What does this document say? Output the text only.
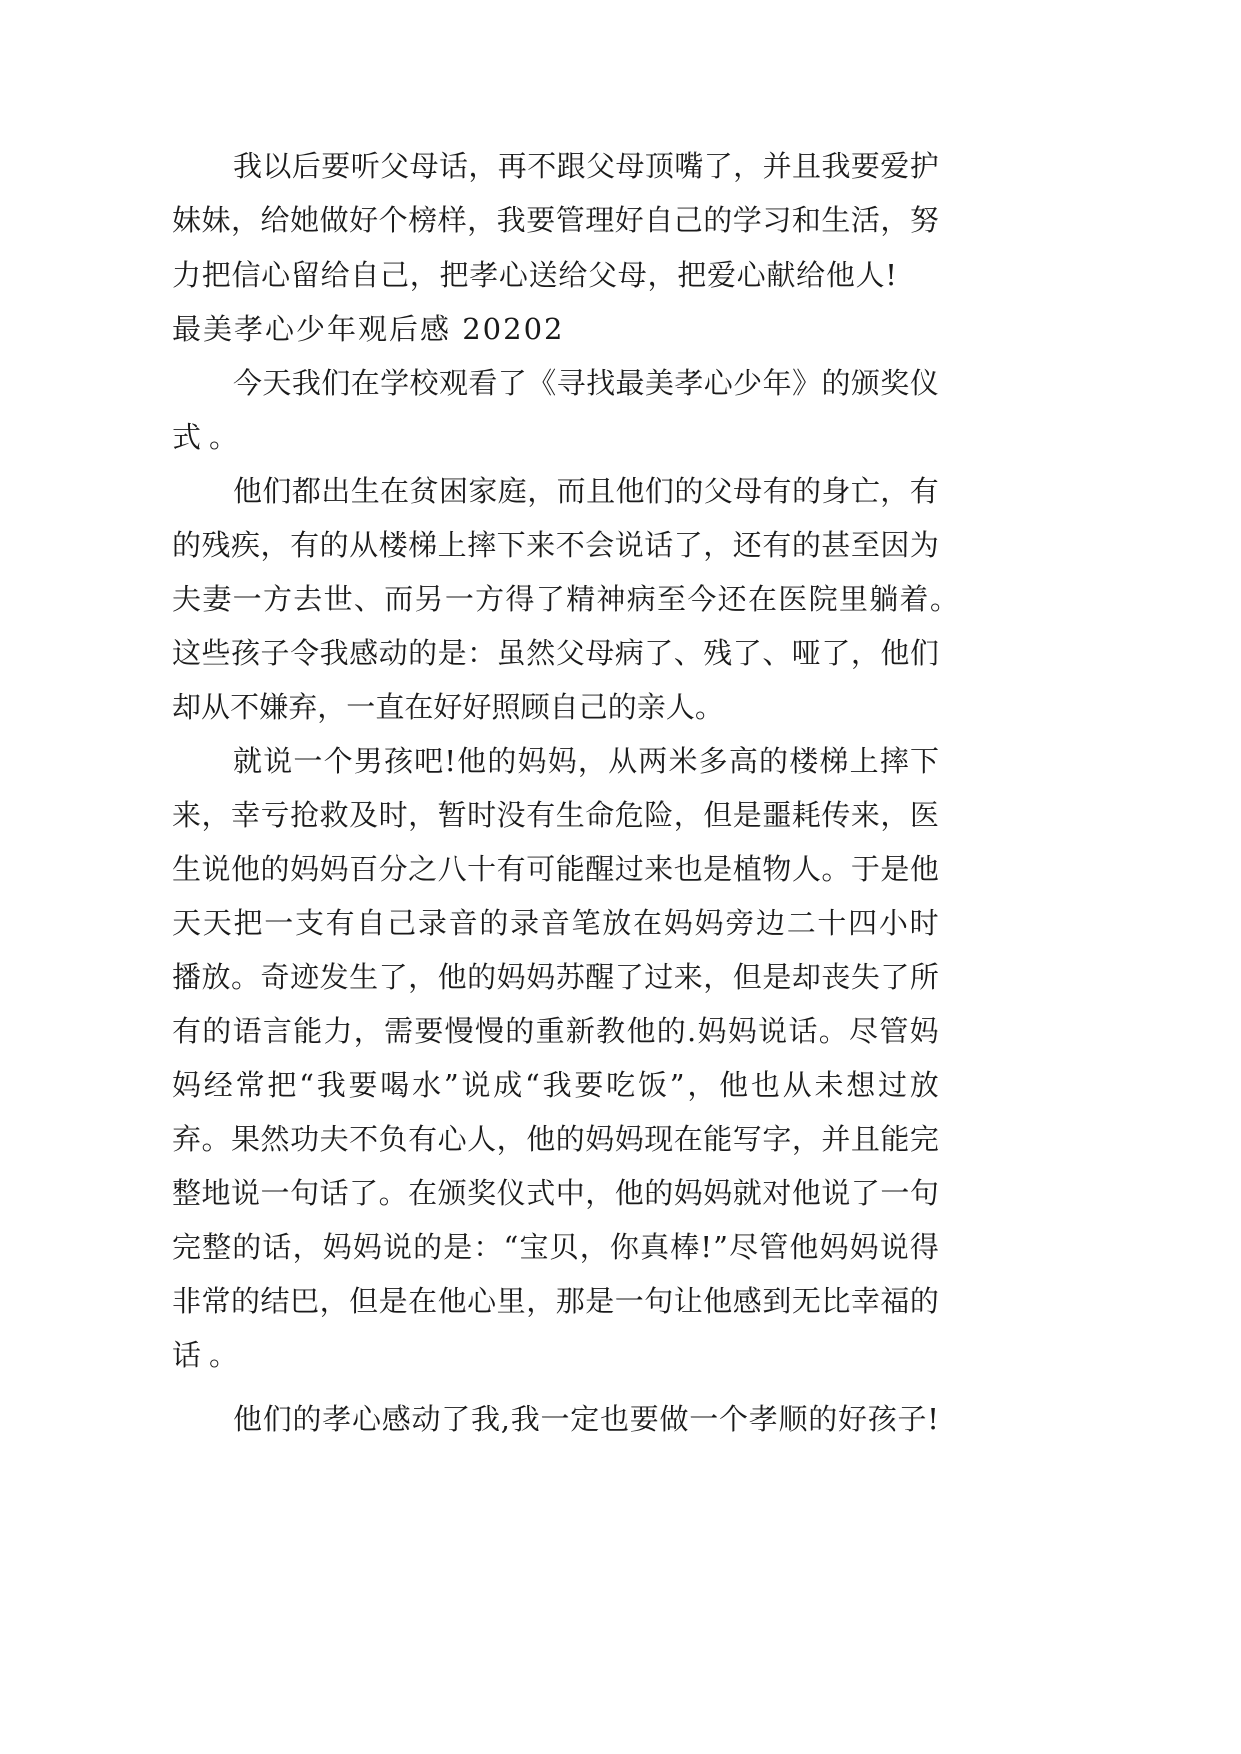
我 以 后 要 听 父 母 话 ， 再 不 跟 父 母 顶 嘴 了 ， 并 且 我 要 爱 护
妹 妹 ， 给 她 做 好 个 榜 样 ， 我 要 管 理 好 自 己 的 学 习 和 生 活 ， 努
力 把 信 心 留 给 自 己 ， 把 孝 心 送 给 父 母 ， 把 爱 心 献 给 他 人 !
最美孝心少年观后感 20202
今 天 我 们 在 学 校 观 看 了 《 寻 找 最 美 孝 心 少 年 》 的 颁 奖 仪
式。
他 们 都 出 生 在 贫 困 家 庭 ， 而 且 他 们 的 父 母 有 的 身 亡 ， 有
的 残 疾 ， 有 的 从 楼 梯 上 摔 下 来 不 会 说 话 了 ， 还 有 的 甚 至 因 为
夫 妻 一 方 去 世 、 而 另 一 方 得 了 精 神 病 至 今 还 在 医 院 里 躺 着 。
这 些 孩 子 令 我 感 动 的 是 ： 虽 然 父 母 病 了 、 残 了 、 哑 了 ， 他 们
却 从 不 嫌 弃 ， 一 直 在 好 好 照 顾 自 己 的 亲 人 。
就 说 一 个 男 孩 吧 ! 他 的 妈 妈 ， 从 两 米 多 高 的 楼 梯 上 摔 下
来 ， 幸 亏 抢 救 及 时 ， 暂 时 没 有 生 命 危 险 ， 但 是 噩 耗 传 来 ， 医
生 说 他 的 妈 妈 百 分 之 八 十 有 可 能 醒 过 来 也 是 植 物 人 。 于 是 他
天 天 把 一 支 有 自 己 录 音 的 录 音 笔 放 在 妈 妈 旁 边 二 十 四 小 时
播 放 。 奇 迹 发 生 了 ， 他 的 妈 妈 苏 醒 了 过 来 ， 但 是 却 丧 失 了 所
有 的 语 言 能 力 ， 需 要 慢 慢 的 重 新 教 他 的 . 妈 妈 说 话 。 尽 管 妈
妈 经 常 把 “ 我 要 喝 水 ” 说 成 “ 我 要 吃 饭 ” ， 他 也 从 未 想 过 放
弃 。 果 然 功 夫 不 负 有 心 人 ， 他 的 妈 妈 现 在 能 写 字 ， 并 且 能 完
整 地 说 一 句 话 了 。 在 颁 奖 仪 式 中 ， 他 的 妈 妈 就 对 他 说 了 一 句
完 整 的 话 ， 妈 妈 说 的 是 ： “ 宝 贝 ， 你 真 棒 ! ” 尽 管 他 妈 妈 说 得
非 常 的 结 巴 ， 但 是 在 他 心 里 ， 那 是 一 句 让 他 感 到 无 比 幸 福 的
话。
他 们 的 孝 心 感 动 了 我 , 我 一 定 也 要 做 一 个 孝 顺 的 好 孩 子 !
